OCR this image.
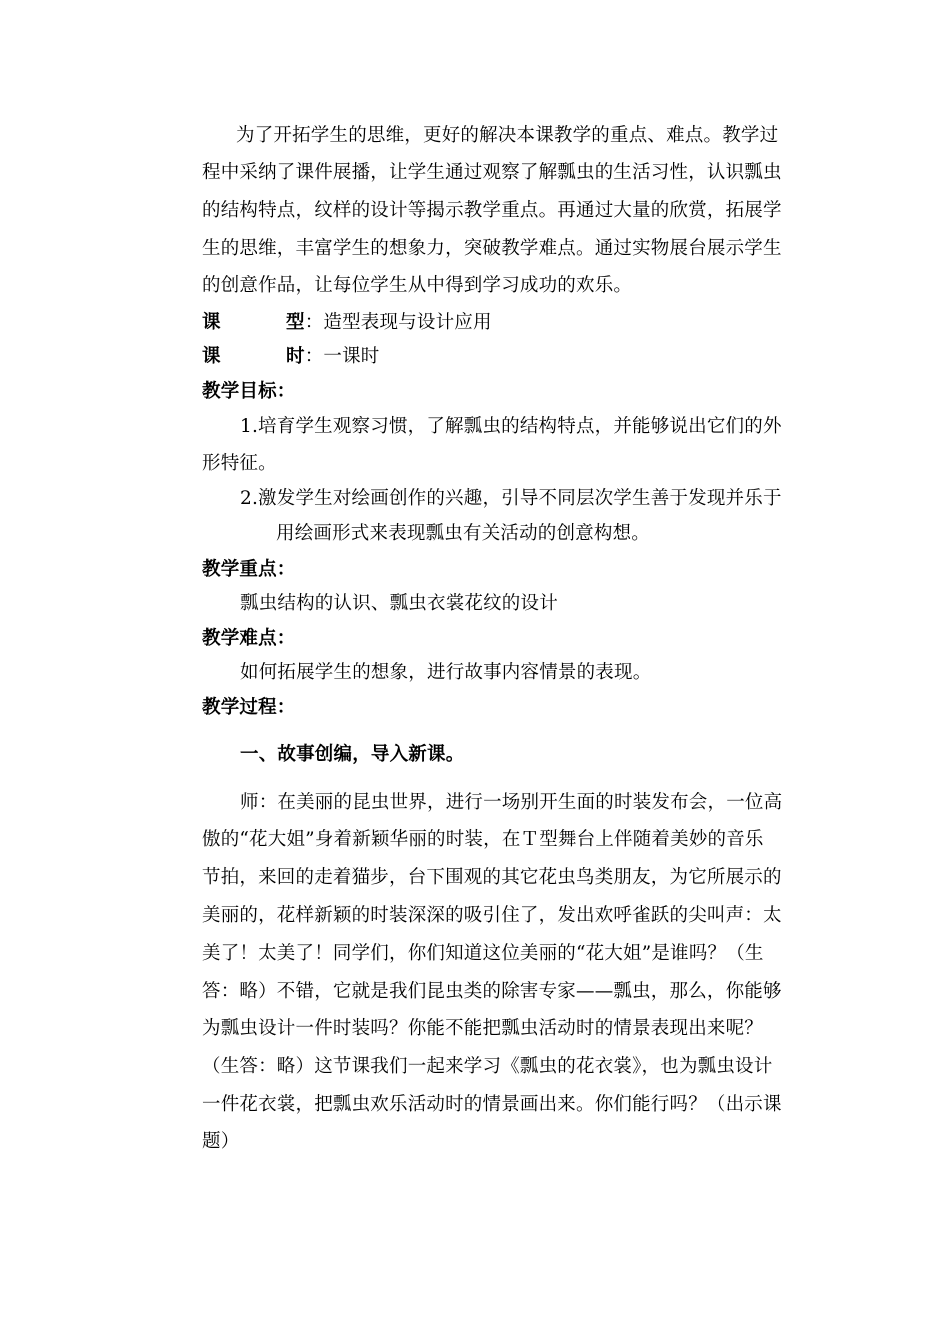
为了开拓学生的思维，更好的解决本课教学的重点、难点。教学过
程中采纳了课件展播，让学生通过观察了解瓢虫的生活习性，认识瓢虫
的结构特点，纹样的设计等揭示教学重点。再通过大量的欣赏，拓展学
生的思维，丰富学生的想象力，突破教学难点。通过实物展台展示学生
的创意作品，让每位学生从中得到学习成功的欢乐。
课	型：造型表现与设计应用
课	时：一课时
教学目标：
1.培育学生观察习惯，了解瓢虫的结构特点，并能够说出它们的外
形特征。
2.激发学生对绘画创作的兴趣，引导不同层次学生善于发现并乐于
用绘画形式来表现瓢虫有关活动的创意构想。
教学重点：
瓢虫结构的认识、瓢虫衣裳花纹的设计
教学难点：
如何拓展学生的想象，进行故事内容情景的表现。
教学过程：
一、故事创编，导入新课。
师：在美丽的昆虫世界，进行一场别开生面的时装发布会，一位高
傲的“花大姐”身着新颖华丽的时装，在Ｔ型舞台上伴随着美妙的音乐
节拍，来回的走着猫步，台下围观的其它花虫鸟类朋友，为它所展示的
美丽的，花样新颖的时装深深的吸引住了，发出欢呼雀跃的尖叫声：太
美了！太美了！同学们，你们知道这位美丽的“花大姐”是谁吗？（生
答：略）不错，它就是我们昆虫类的除害专家——瓢虫，那么，你能够
为瓢虫设计一件时装吗？你能不能把瓢虫活动时的情景表现出来呢？
（生答：略）这节课我们一起来学习《瓢虫的花衣裳》，也为瓢虫设计
一件花衣裳，把瓢虫欢乐活动时的情景画出来。你们能行吗？（出示课
题）
